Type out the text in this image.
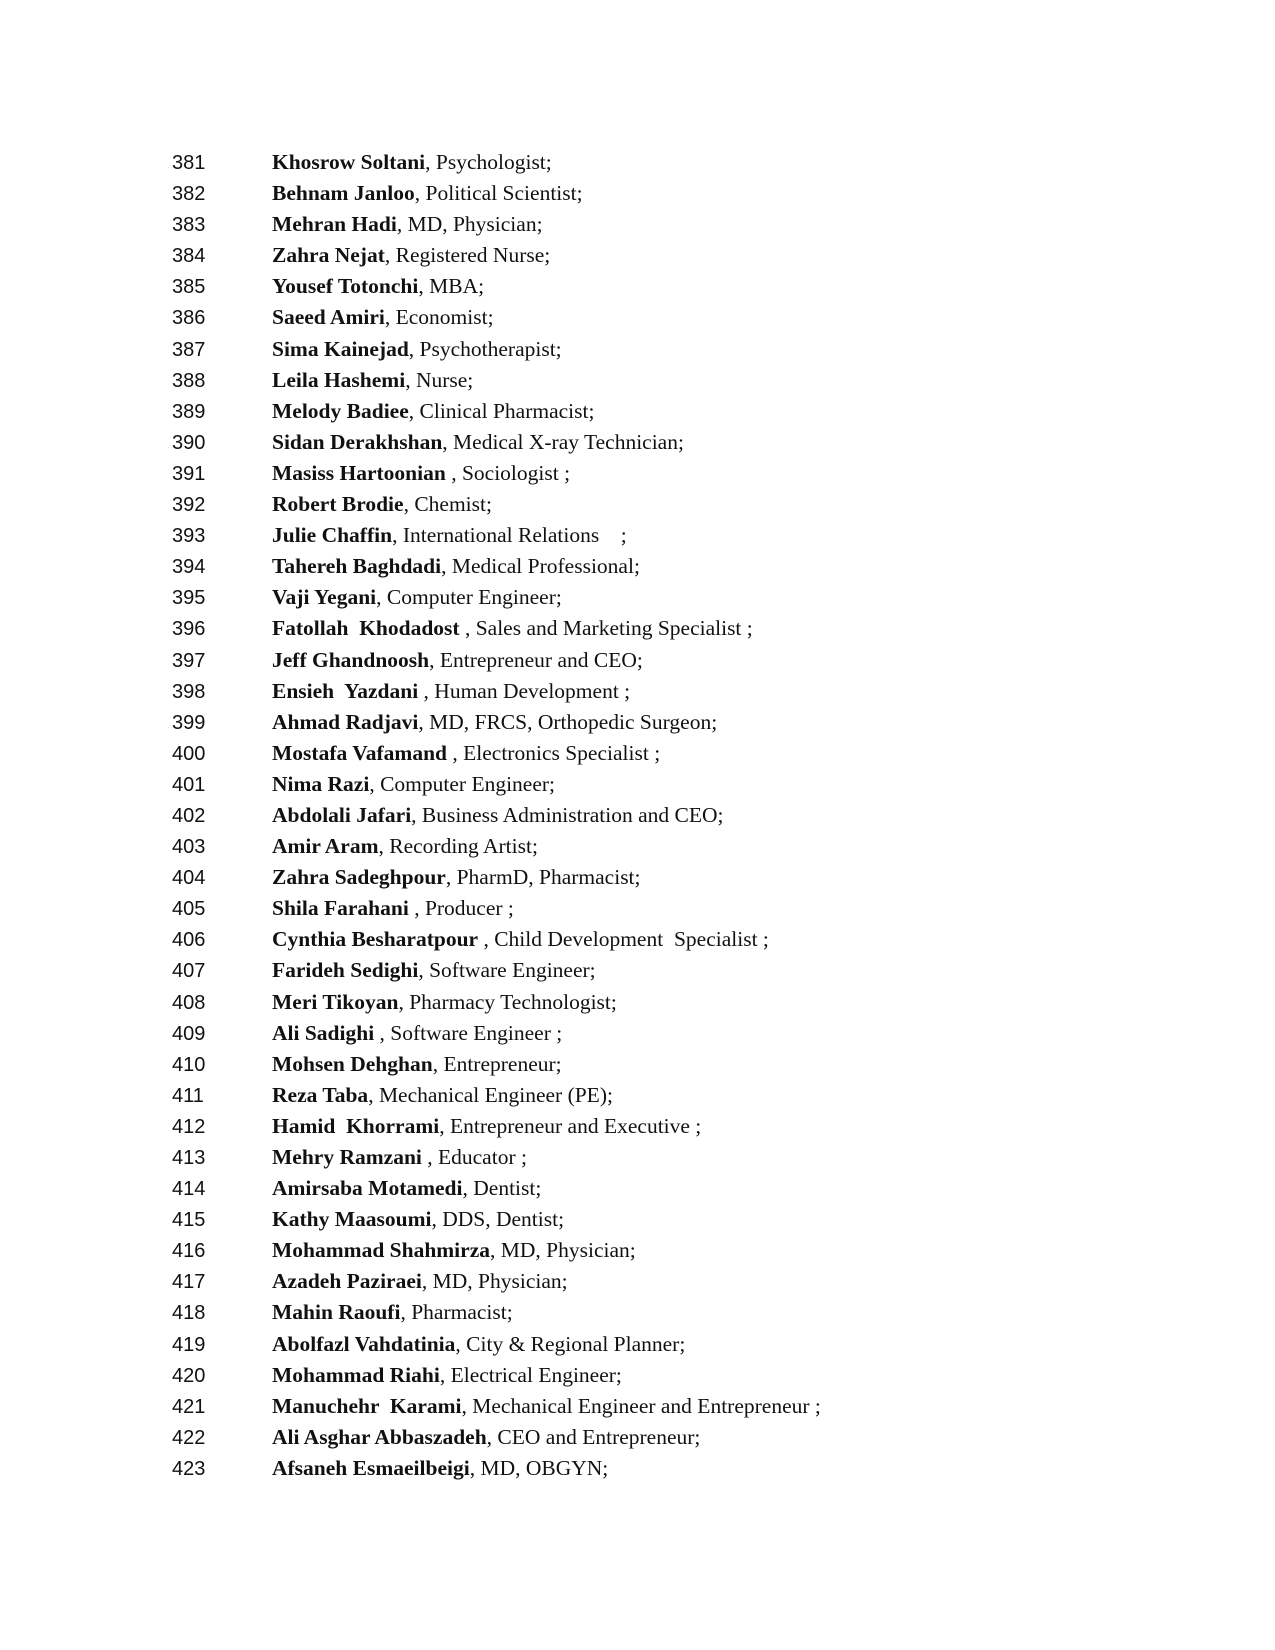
381	Khosrow Soltani, Psychologist;
382	Behnam Janloo, Political Scientist;
383	Mehran Hadi, MD, Physician;
384	Zahra Nejat, Registered Nurse;
385	Yousef Totonchi, MBA;
386	Saeed Amiri, Economist;
387	Sima Kainejad, Psychotherapist;
388	Leila Hashemi, Nurse;
389	Melody Badiee, Clinical Pharmacist;
390	Sidan Derakhshan, Medical X-ray Technician;
391	Masiss Hartoonian , Sociologist ;
392	Robert Brodie, Chemist;
393	Julie Chaffin, International Relations    ;
394	Tahereh Baghdadi, Medical Professional;
395	Vaji Yegani, Computer Engineer;
396	Fatollah  Khodadost , Sales and Marketing Specialist ;
397	Jeff Ghandnoosh, Entrepreneur and CEO;
398	Ensieh  Yazdani , Human Development ;
399	Ahmad Radjavi, MD, FRCS, Orthopedic Surgeon;
400	Mostafa Vafamand , Electronics Specialist ;
401	Nima Razi, Computer Engineer;
402	Abdolali Jafari, Business Administration and CEO;
403	Amir Aram, Recording Artist;
404	Zahra Sadeghpour, PharmD, Pharmacist;
405	Shila Farahani , Producer ;
406	Cynthia Besharatpour , Child Development  Specialist ;
407	Farideh Sedighi, Software Engineer;
408	Meri Tikoyan, Pharmacy Technologist;
409	Ali Sadighi , Software Engineer ;
410	Mohsen Dehghan, Entrepreneur;
411	Reza Taba, Mechanical Engineer (PE);
412	Hamid  Khorrami, Entrepreneur and Executive ;
413	Mehry Ramzani , Educator ;
414	Amirsaba Motamedi, Dentist;
415	Kathy Maasoumi, DDS, Dentist;
416	Mohammad Shahmirza, MD, Physician;
417	Azadeh Paziraei, MD, Physician;
418	Mahin Raoufi, Pharmacist;
419	Abolfazl Vahdatinia, City & Regional Planner;
420	Mohammad Riahi, Electrical Engineer;
421	Manuchehr  Karami, Mechanical Engineer and Entrepreneur ;
422	Ali Asghar Abbaszadeh, CEO and Entrepreneur;
423	Afsaneh Esmaeilbeigi, MD, OBGYN;
